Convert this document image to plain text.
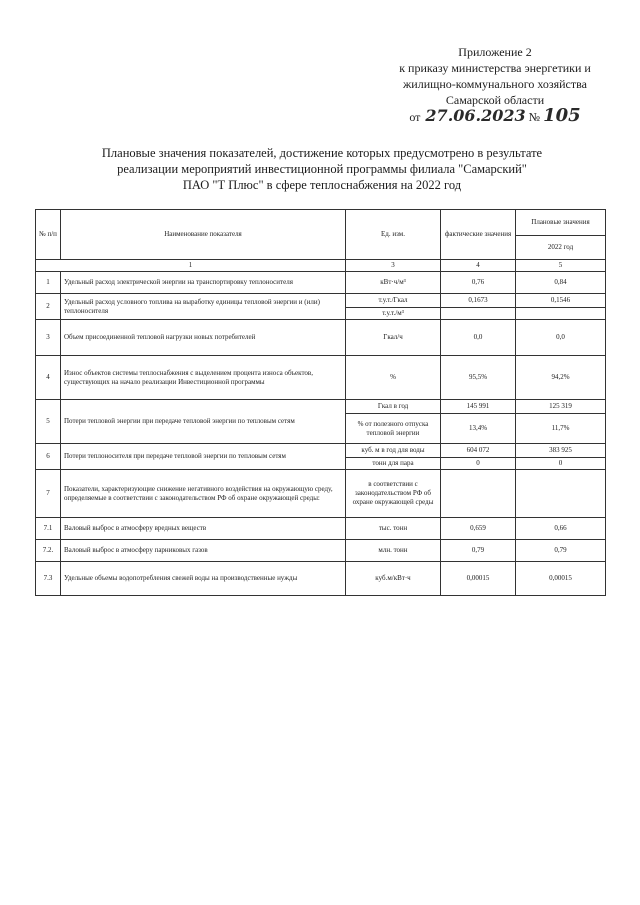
Приложение 2
к приказу министерства энергетики и
жилищно-коммунального хозяйства
Самарской области
от 27.06.2023 № 105
Плановые значения показателей, достижение которых предусмотрено в результате
реализации мероприятий инвестиционной программы филиала "Самарский"
ПАО "Т Плюс" в сфере теплоснабжения на 2022 год
№ п/п	Наименование показателя	Ед. изм.	фактические значения	Плановые значения
				2022 год
1		3	4	5
1	Удельный расход электрической энергии на транспортировку теплоносителя	кВт·ч/м³	0,76	0,84
2	Удельный расход условного топлива на выработку единицы тепловой энергии и (или) теплоносителя	т.у.т./Гкал	0,1673	0,1546
		т.у.т./м³		
3	Объем присоединенной тепловой нагрузки новых потребителей	Гкал/ч	0,0	0,0
4	Износ объектов системы теплоснабжения с выделением процента износа объектов, существующих на начало реализации Инвестиционной программы	%	95,5%	94,2%
5	Потери тепловой энергии при передаче тепловой энергии по тепловым сетям	Гкал в год	145 991	125 319
		% от полезного отпуска тепловой энергии	13,4%	11,7%
6	Потери теплоносителя при передаче тепловой энергии по тепловым сетям	куб. м в год для воды	604 072	383 925
		тонн для пара	0	0
7	Показатели, характеризующие снижение негативного воздействия на окружающую среду, определяемые в соответствии с законодательством РФ об охране окружающей среды:	в соответствии с законодательством РФ об охране окружающей среды		
7.1	Валовый выброс в атмосферу вредных веществ	тыс. тонн	0,659	0,66
7.2.	Валовый выброс в атмосферу парниковых газов	млн. тонн	0,79	0,79
7.3	Удельные объемы водопотребления свежей воды на производственные нужды	куб.м/кВт·ч	0,00015	0,00015
